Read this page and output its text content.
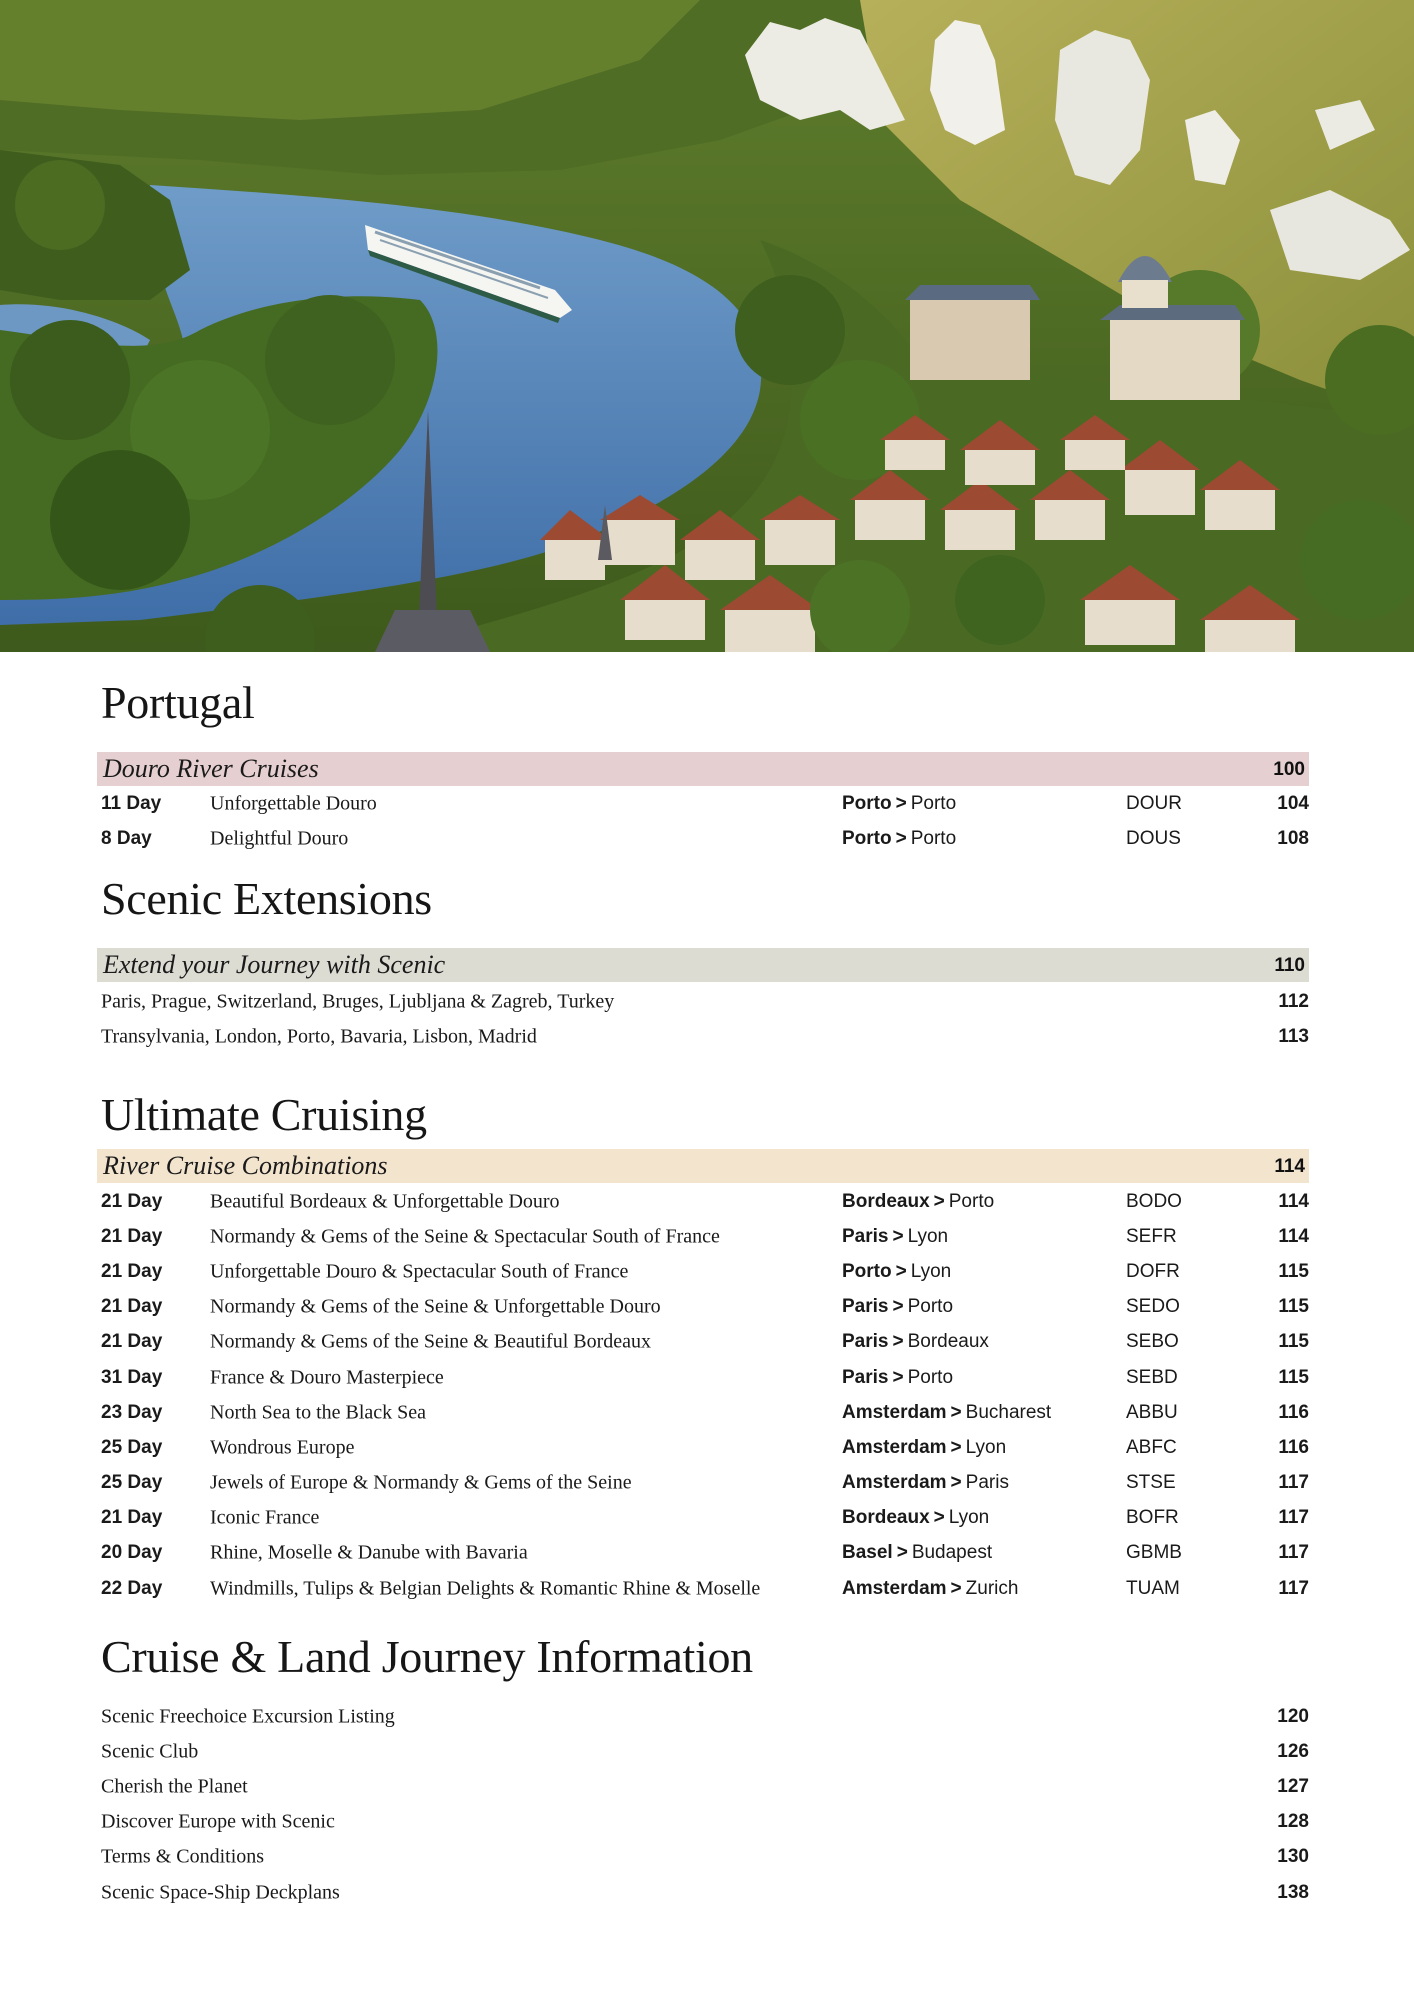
Portugal
Douro River Cruises	100
11 Day Unforgettable Douro	Porto > Porto	DOUR	104
8 Day	Delightful Douro	Porto > Porto	DOUS	108
Scenic Extensions
Extend your Journey with Scenic	110
Paris, Prague, Switzerland, Bruges, Ljubljana & Zagreb, Turkey	112
Transylvania, London, Porto, Bavaria, Lisbon, Madrid	113
Ultimate Cruising
River Cruise Combinations	114
21 Day Beautiful Bordeaux & Unforgettable Douro	Bordeaux > Porto	BODO	114
21 Day Normandy & Gems of the Seine & Spectacular South of France	Paris > Lyon	SEFR	114
21 Day Unforgettable Douro & Spectacular South of France	Porto > Lyon	DOFR	115
21 Day Normandy & Gems of the Seine & Unforgettable Douro	Paris > Porto	SEDO	115
21 Day Normandy & Gems of the Seine & Beautiful Bordeaux	Paris > Bordeaux	SEBO	115
31 Day France & Douro Masterpiece	Paris > Porto	SEBD	115
23 Day North Sea to the Black Sea	Amsterdam > Bucharest	ABBU	116
25 Day Wondrous Europe	Amsterdam > Lyon	ABFC	116
25 Day Jewels of Europe & Normandy & Gems of the Seine	Amsterdam > Paris	STSE	117
21 Day Iconic France	Bordeaux > Lyon	BOFR	117
20 Day Rhine, Moselle & Danube with Bavaria	Basel > Budapest	GBMB	117
22 Day Windmills, Tulips & Belgian Delights & Romantic Rhine & Moselle	Amsterdam > Zurich	TUAM	117
Cruise & Land Journey Information
Scenic Freechoice Excursion Listing	120
Scenic Club	126
Cherish the Planet	127
Discover Europe with Scenic	128
Terms & Conditions	130
Scenic Space-Ship Deckplans	138
